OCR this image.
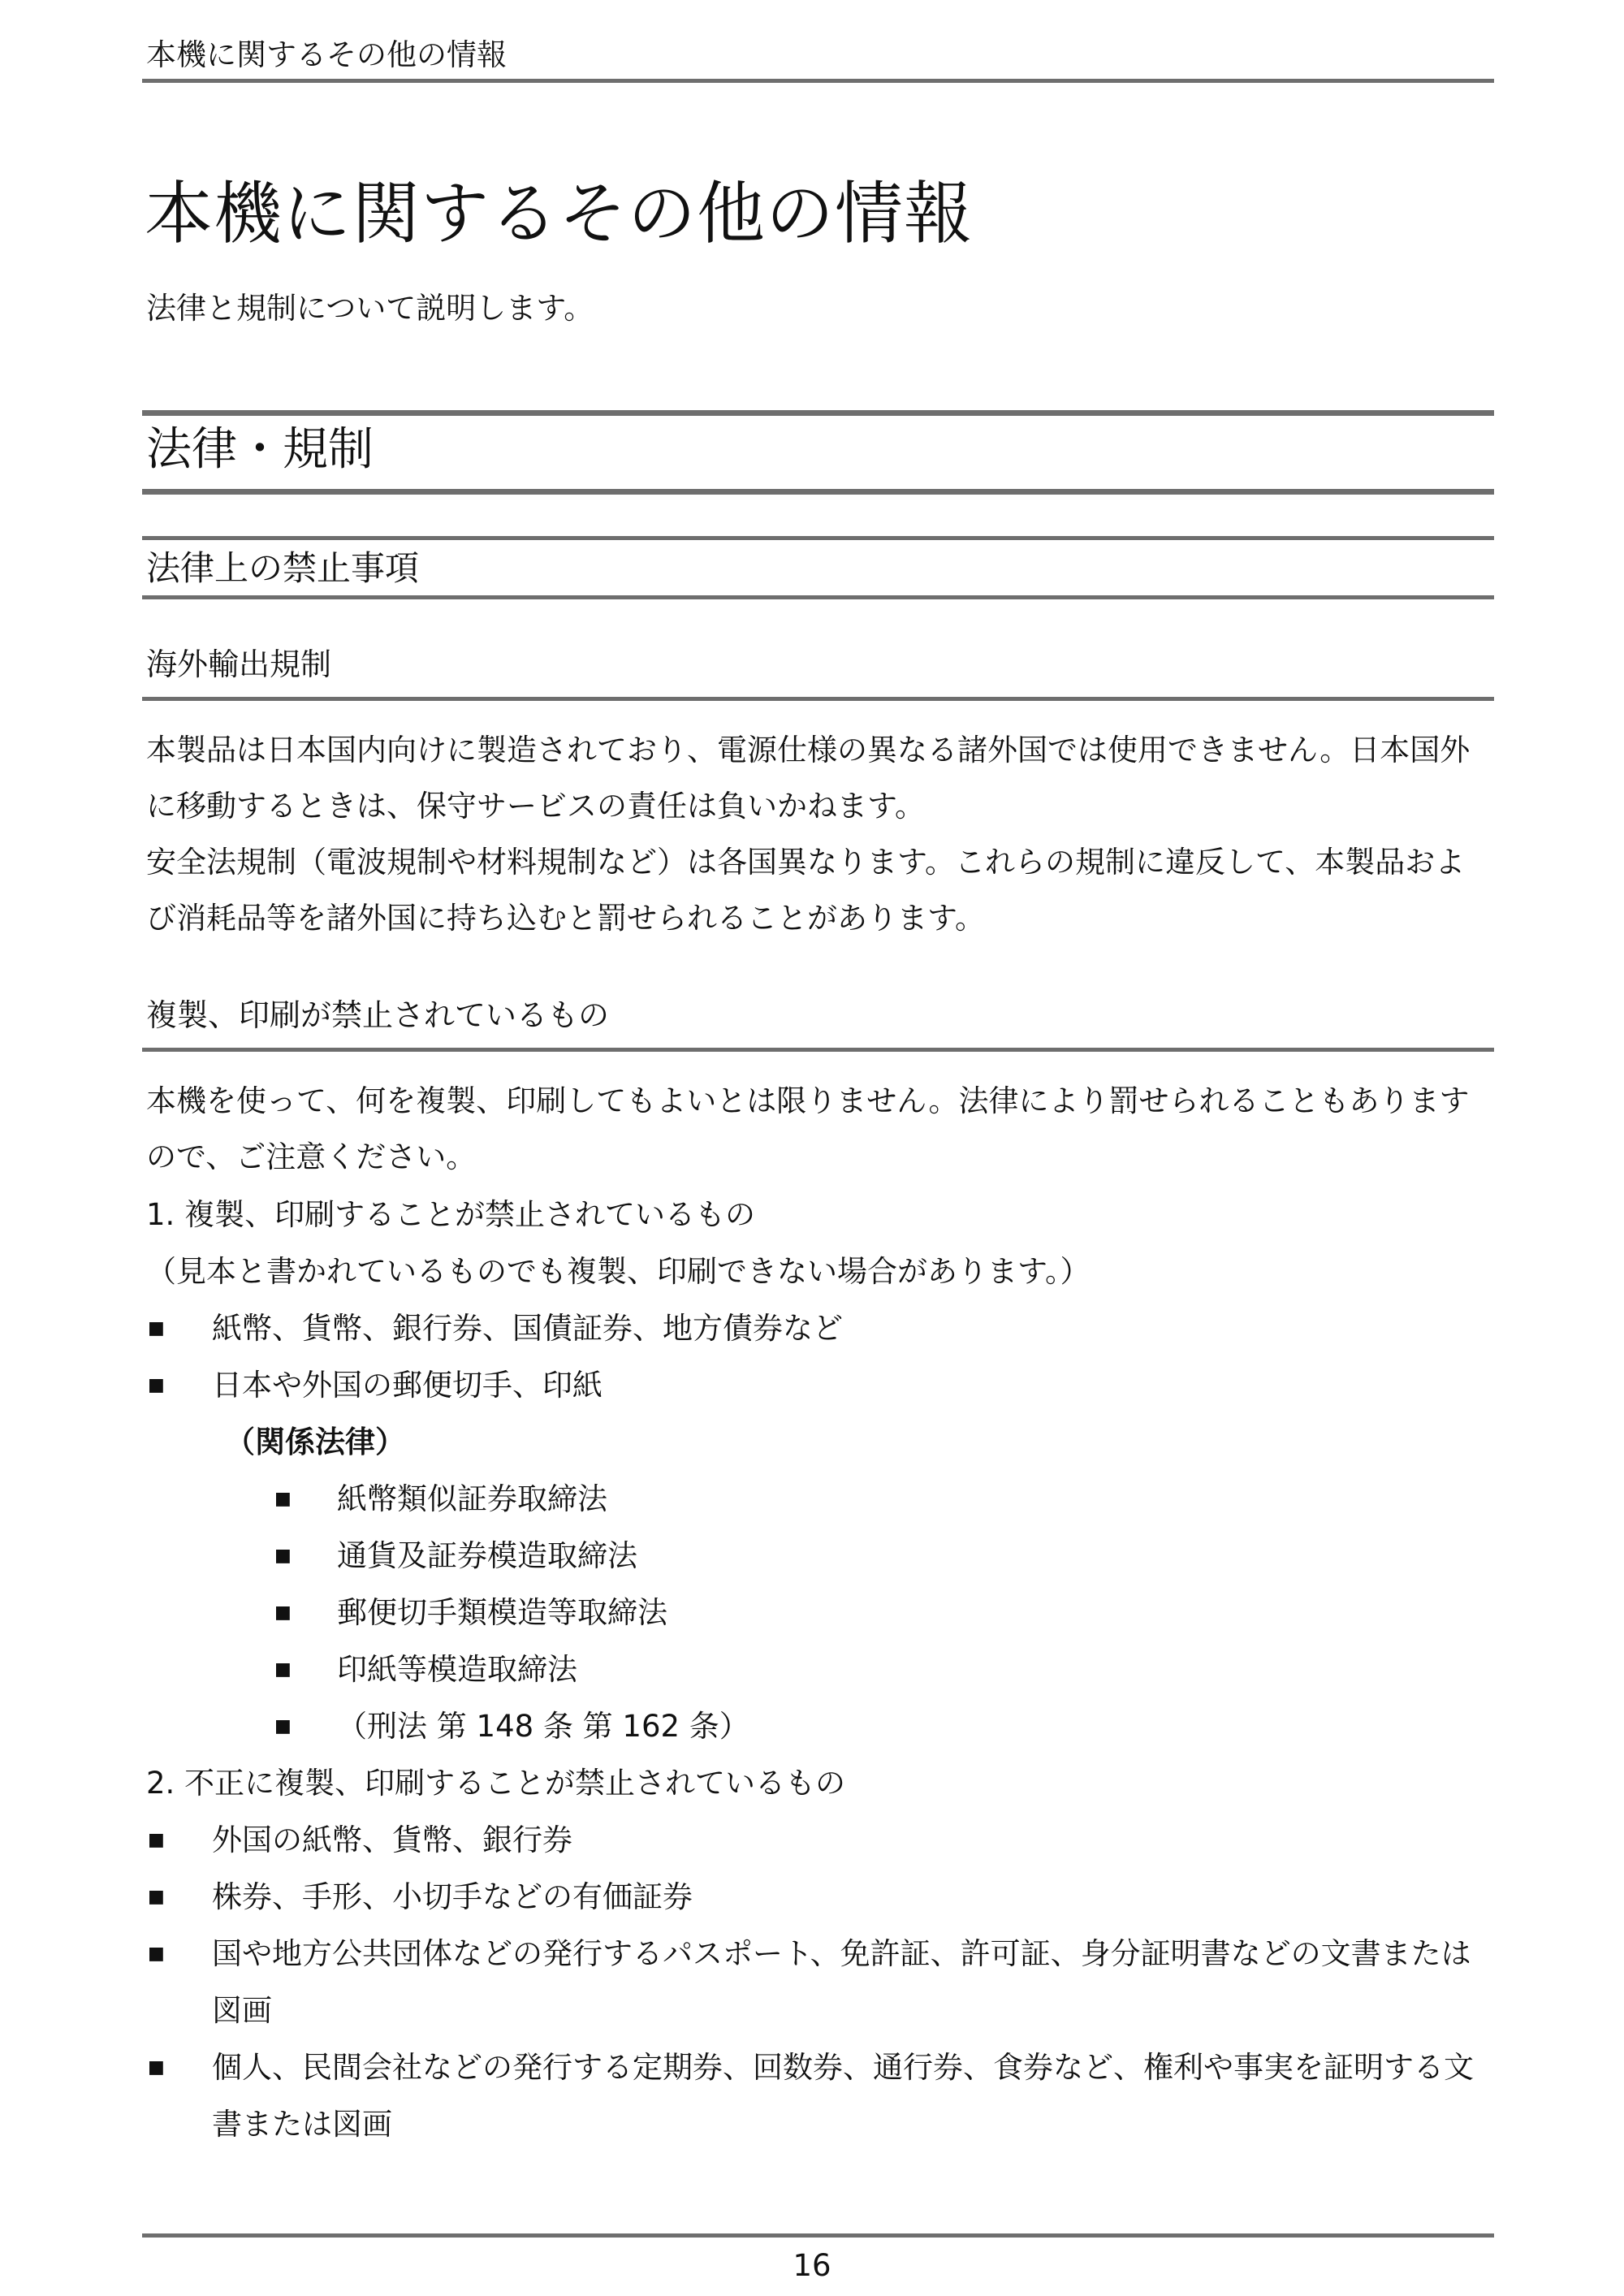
本機に関するその他の情報
本機に関するその他の情報
法律と規制について説明します。
法律・規制
法律上の禁止事項
海外輸出規制

本製品は日本国内向けに製造されており、電源仕様の異なる諸外国では使用できません。日本国外に移動するときは、保守サービスの責任は負いかねます。

安全法規制（電波規制や材料規制など）は各国異なります。これらの規制に違反して、本製品および消耗品等を諸外国に持ち込むと罰せられることがあります。

複製、印刷が禁止されているもの
本機を使って、何を複製、印刷してもよいとは限りません。法律により罰せられることもありますので、ご注意ください。
1. 複製、印刷することが禁止されているもの
（見本と書かれているものでも複製、印刷できない場合があります。）
■ 紙幣、貨幣、銀行券、国債証券、地方債券など
■ 日本や外国の郵便切手、印紙
（関係法律）
■ 紙幣類似証券取締法
■ 通貨及証券模造取締法
■ 郵便切手類模造等取締法
■ 印紙等模造取締法
■ （刑法 第 148 条 第 162 条）
2. 不正に複製、印刷することが禁止されているもの
■ 外国の紙幣、貨幣、銀行券
■ 株券、手形、小切手などの有価証券
■ 国や地方公共団体などの発行するパスポート、免許証、許可証、身分証明書などの文書または図画
■ 個人、民間会社などの発行する定期券、回数券、通行券、食券など、権利や事実を証明する文書または図画
16
